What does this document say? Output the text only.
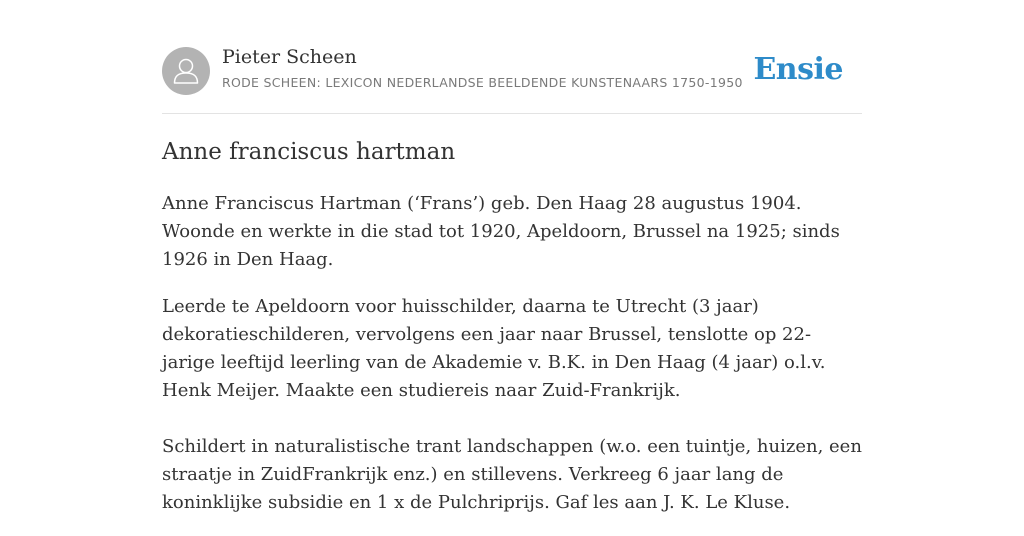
Pieter Scheen
RODE SCHEEN: LEXICON NEDERLANDSE BEELDENDE KUNSTENAARS 1750-1950 Ensie
Anne franciscus hartman

Anne Franciscus Hartman (‘Frans’) geb. Den Haag 28 augustus 1904. Woonde en werkte in die stad tot 1920, Apeldoorn, Brussel na 1925; sinds 1926 in Den Haag.

Leerde te Apeldoorn voor huisschilder, daarna te Utrecht (3 jaar) dekoratieschilderen, vervolgens een jaar naar Brussel, tenslotte op 22-jarige leeftijd leerling van de Akademie v. B.K. in Den Haag (4 jaar) o.l.v. Henk Meijer. Maakte een studiereis naar Zuid-Frankrijk.

Schildert in naturalistische trant landschappen (w.o. een tuintje, huizen, een straatje in ZuidFrankrijk enz.) en stillevens. Verkreeg 6 jaar lang de koninklijke subsidie en 1 x de Pulchriprijs. Gaf les aan J. K. Le Kluse.
